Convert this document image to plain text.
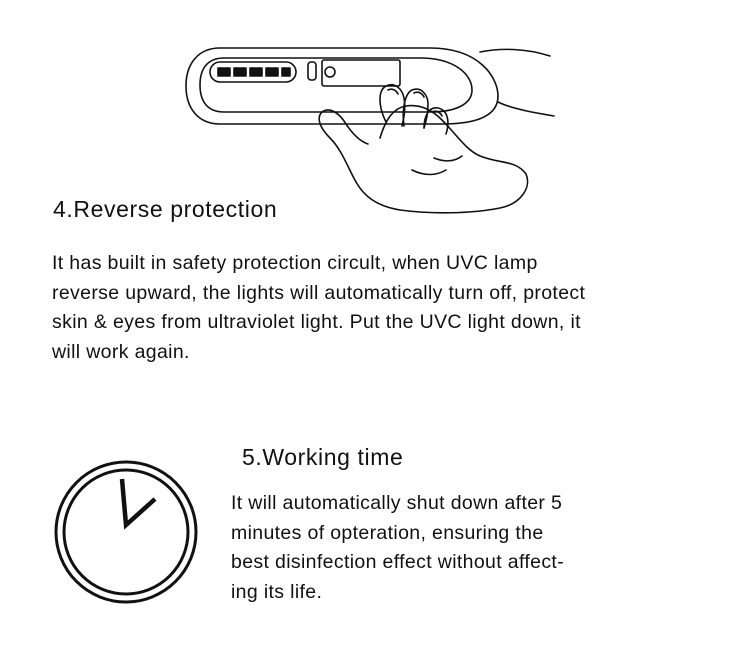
4.Reverse protection
It has built in safety protection circult, when UVC lamp
reverse upward, the lights will automatically turn off, protect
skin & eyes from ultraviolet light. Put the UVC light down, it
will work again.
5.Working time
It will automatically shut down after 5
minutes of opteration, ensuring the
best disinfection effect without affect-
ing its life.
